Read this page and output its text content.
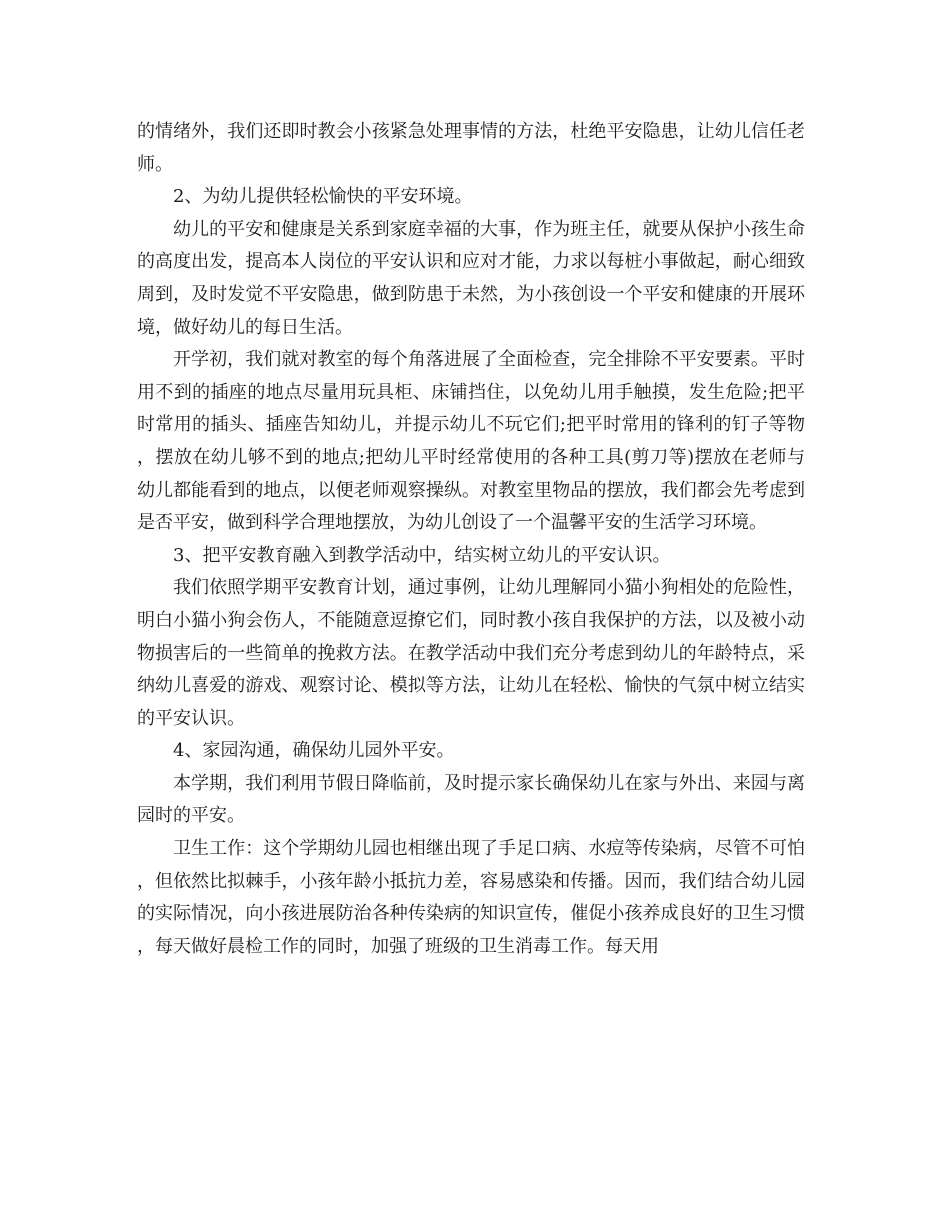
的情绪外，我们还即时教会小孩紧急处理事情的方法，杜绝平安隐患，让幼儿信任老师。

2、为幼儿提供轻松愉快的平安环境。

幼儿的平安和健康是关系到家庭幸福的大事，作为班主任，就要从保护小孩生命的高度出发，提高本人岗位的平安认识和应对才能，力求以每桩小事做起，耐心细致周到，及时发觉不平安隐患，做到防患于未然，为小孩创设一个平安和健康的开展环境，做好幼儿的每日生活。

开学初，我们就对教室的每个角落进展了全面检查，完全排除不平安要素。平时用不到的插座的地点尽量用玩具柜、床铺挡住，以免幼儿用手触摸，发生危险;把平时常用的插头、插座告知幼儿，并提示幼儿不玩它们;把平时常用的锋利的钉子等物，摆放在幼儿够不到的地点;把幼儿平时经常使用的各种工具(剪刀等)摆放在老师与幼儿都能看到的地点，以便老师观察操纵。对教室里物品的摆放，我们都会先考虑到是否平安，做到科学合理地摆放，为幼儿创设了一个温馨平安的生活学习环境。

3、把平安教育融入到教学活动中，结实树立幼儿的平安认识。

我们依照学期平安教育计划，通过事例，让幼儿理解同小猫小狗相处的危险性，明白小猫小狗会伤人，不能随意逗撩它们，同时教小孩自我保护的方法，以及被小动物损害后的一些简单的挽救方法。在教学活动中我们充分考虑到幼儿的年龄特点，采纳幼儿喜爱的游戏、观察讨论、模拟等方法，让幼儿在轻松、愉快的气氛中树立结实的平安认识。

4、家园沟通，确保幼儿园外平安。

本学期，我们利用节假日降临前，及时提示家长确保幼儿在家与外出、来园与离园时的平安。

卫生工作：这个学期幼儿园也相继出现了手足口病、水痘等传染病，尽管不可怕，但依然比拟棘手，小孩年龄小抵抗力差，容易感染和传播。因而，我们结合幼儿园的实际情况，向小孩进展防治各种传染病的知识宣传，催促小孩养成良好的卫生习惯，每天做好晨检工作的同时，加强了班级的卫生消毒工作。每天用
